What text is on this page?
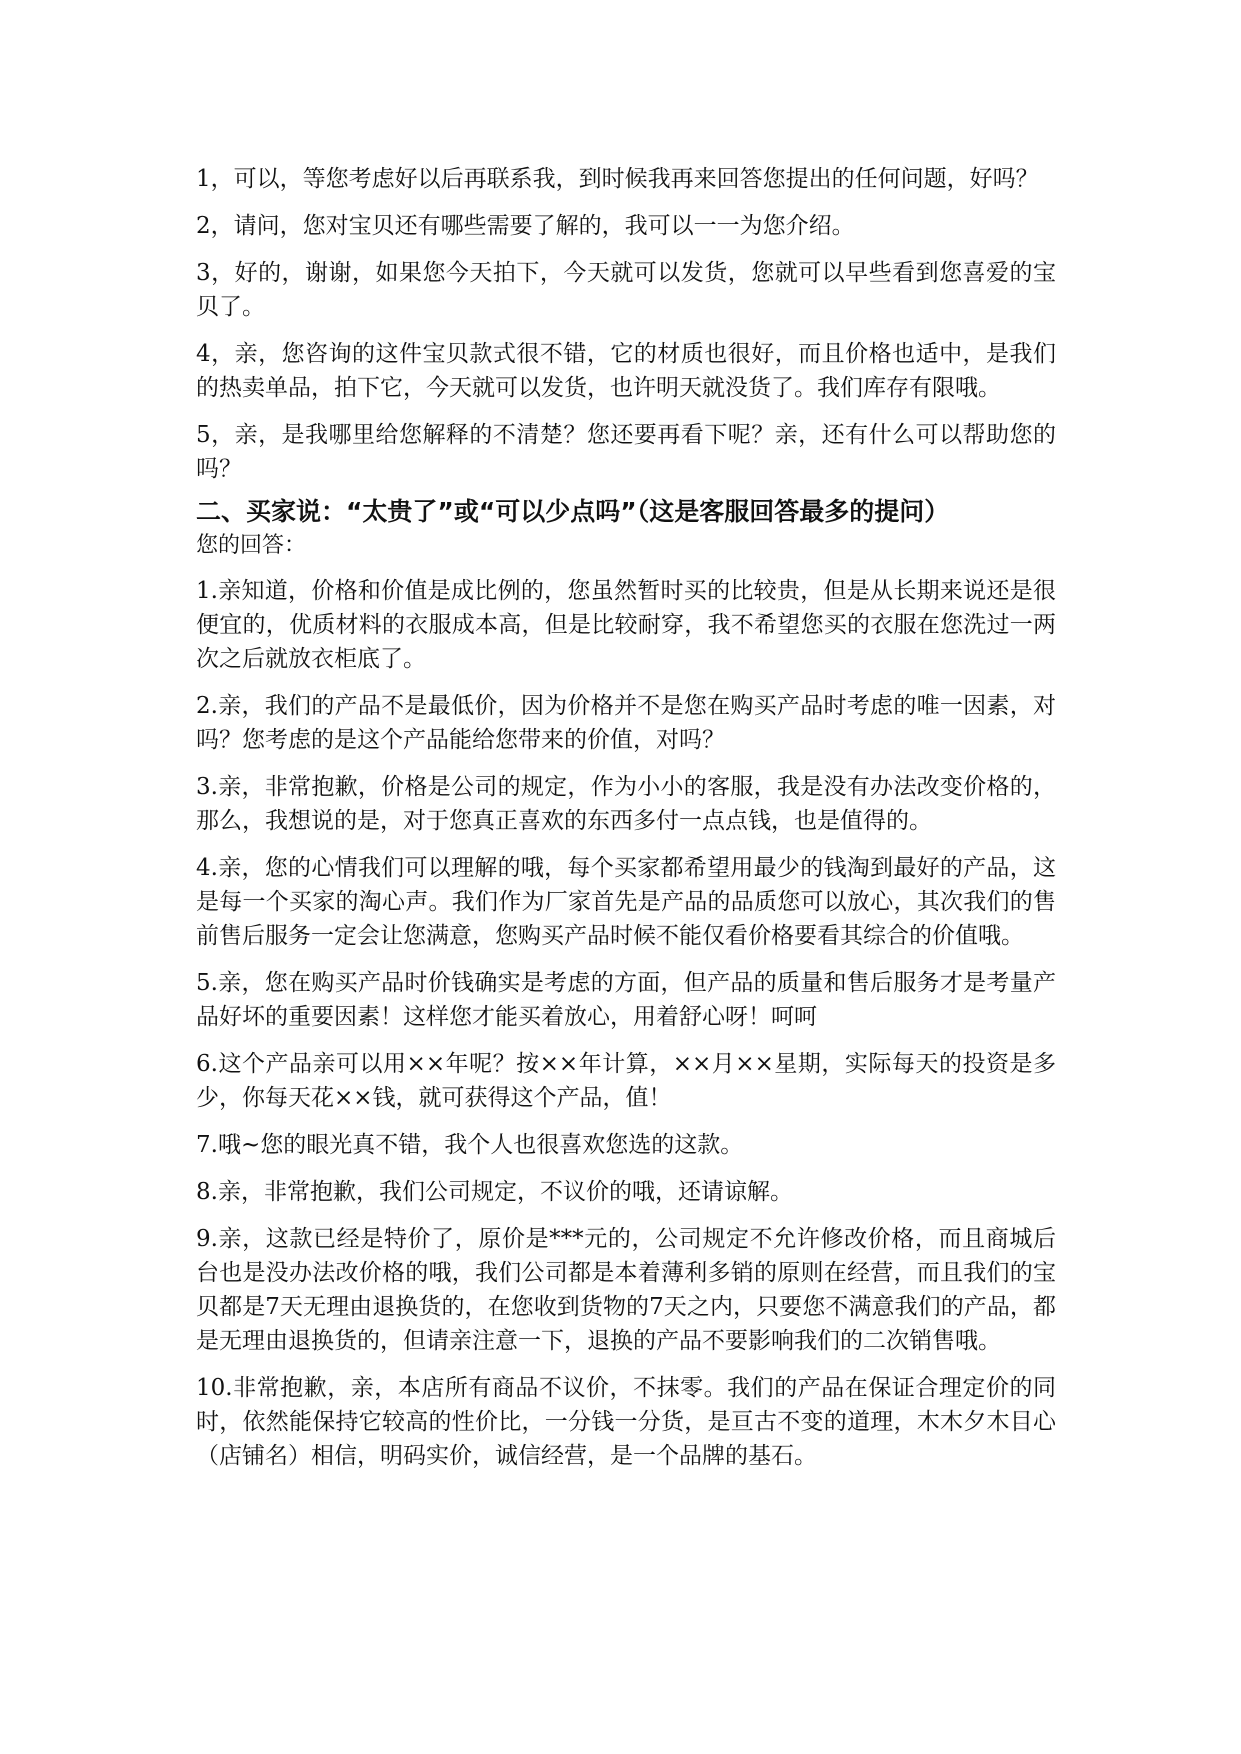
1，可以，等您考虑好以后再联系我，到时候我再来回答您提出的任何问题，好吗？

2，请问，您对宝贝还有哪些需要了解的，我可以一一为您介绍。

3，好的，谢谢，如果您今天拍下，今天就可以发货，您就可以早些看到您喜爱的宝贝了。

4，亲，您咨询的这件宝贝款式很不错，它的材质也很好，而且价格也适中，是我们的热卖单品，拍下它，今天就可以发货，也许明天就没货了。我们库存有限哦。

5，亲，是我哪里给您解释的不清楚？您还要再看下呢？亲，还有什么可以帮助您的吗？

二、买家说：“太贵了”或“可以少点吗”（这是客服回答最多的提问）
您的回答：

1.亲知道，价格和价值是成比例的，您虽然暂时买的比较贵，但是从长期来说还是很便宜的，优质材料的衣服成本高，但是比较耐穿，我不希望您买的衣服在您洗过一两次之后就放衣柜底了。

2.亲，我们的产品不是最低价，因为价格并不是您在购买产品时考虑的唯一因素，对吗？您考虑的是这个产品能给您带来的价值，对吗？

3.亲，非常抱歉，价格是公司的规定，作为小小的客服，我是没有办法改变价格的，那么，我想说的是，对于您真正喜欢的东西多付一点点钱，也是值得的。

4.亲，您的心情我们可以理解的哦，每个买家都希望用最少的钱淘到最好的产品，这是每一个买家的淘心声。我们作为厂家首先是产品的品质您可以放心，其次我们的售前售后服务一定会让您满意，您购买产品时候不能仅看价格要看其综合的价值哦。

5.亲，您在购买产品时价钱确实是考虑的方面，但产品的质量和售后服务才是考量产品好坏的重要因素！这样您才能买着放心，用着舒心呀！呵呵

6.这个产品亲可以用××年呢？按××年计算，××月××星期，实际每天的投资是多少，你每天花××钱，就可获得这个产品，值！

7.哦~您的眼光真不错，我个人也很喜欢您选的这款。

8.亲，非常抱歉，我们公司规定，不议价的哦，还请谅解。

9.亲，这款已经是特价了，原价是***元的，公司规定不允许修改价格，而且商城后台也是没办法改价格的哦，我们公司都是本着薄利多销的原则在经营，而且我们的宝贝都是7天无理由退换货的，在您收到货物的7天之内，只要您不满意我们的产品，都是无理由退换货的，但请亲注意一下，退换的产品不要影响我们的二次销售哦。

10.非常抱歉，亲，本店所有商品不议价，不抹零。我们的产品在保证合理定价的同时，依然能保持它较高的性价比，一分钱一分货，是亘古不变的道理，木木夕木目心（店铺名）相信，明码实价，诚信经营，是一个品牌的基石。
